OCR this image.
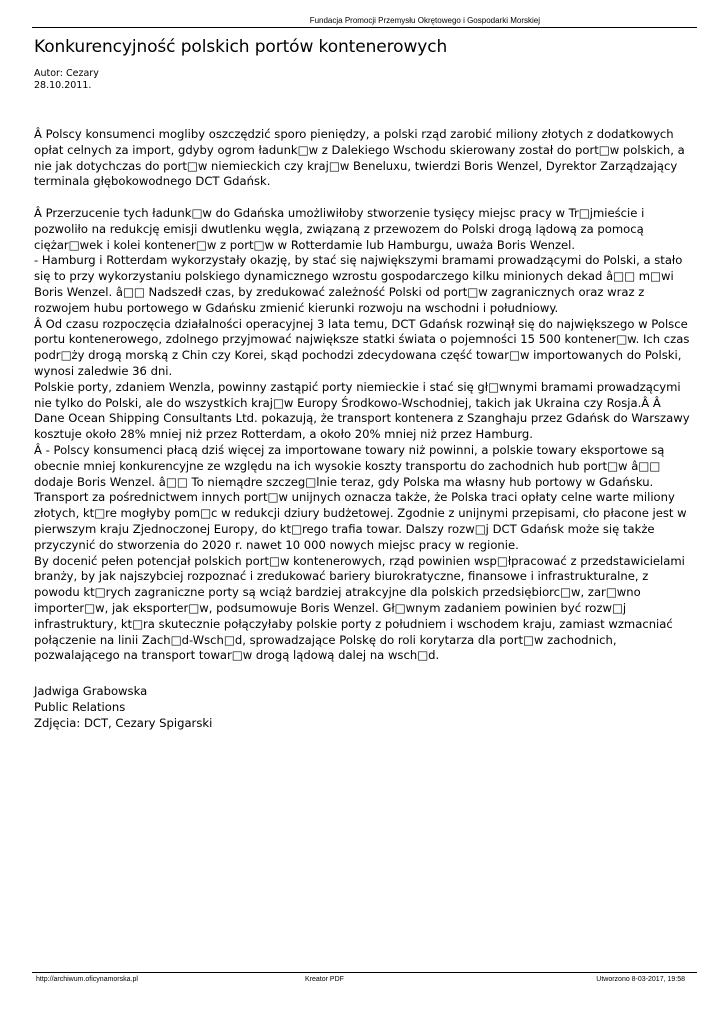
Fundacja Promocji Przemysłu Okrętowego i Gospodarki Morskiej
Konkurencyjność polskich portów kontenerowych
Autor: Cezary
28.10.2011.

Â Polscy konsumenci mogliby oszczędzić sporo pieniędzy, a polski rząd zarobić miliony złotych z dodatkowych opłat celnych za import, gdyby ogrom ładunk□w z Dalekiego Wschodu skierowany został do port□w polskich, a nie jak dotychczas do port□w niemieckich czy kraj□w Beneluxu, twierdzi Boris Wenzel, Dyrektor Zarządzający terminala głębokowodnego DCT Gdańsk.

Â Przerzucenie tych ładunk□w do Gdańska umożliwiłoby stworzenie tysięcy miejsc pracy w Tr□jmieście i pozwoliło na redukcję emisji dwutlenku węgla, związaną z przewozem do Polski drogą lądową za pomocą ciężar□wek i kolei kontener□w z port□w w Rotterdamie lub Hamburgu, uważa Boris Wenzel.

- Hamburg i Rotterdam wykorzystały okazję, by stać się największymi bramami prowadzącymi do Polski, a stało się to przy wykorzystaniu polskiego dynamicznego wzrostu gospodarczego kilku minionych dekad â□□ m□wi Boris Wenzel. â□□ Nadszedł czas, by zredukować zależność Polski od port□w zagranicznych oraz wraz z rozwojem hubu portowego w Gdańsku zmienić kierunki rozwoju na wschodni i południowy.

Â Od czasu rozpoczęcia działalności operacyjnej 3 lata temu, DCT Gdańsk rozwinął się do największego w Polsce portu kontenerowego, zdolnego przyjmować największe statki świata o pojemności 15 500 kontener□w. Ich czas podr□ży drogą morską z Chin czy Korei, skąd pochodzi zdecydowana część towar□w importowanych do Polski, wynosi zaledwie 36 dni.

Polskie porty, zdaniem Wenzla, powinny zastąpić porty niemieckie i stać się gł□wnymi bramami prowadzącymi nie tylko do Polski, ale do wszystkich kraj□w Europy Środkowo-Wschodniej, takich jak Ukraina czy Rosja.Â Â Dane Ocean Shipping Consultants Ltd. pokazują, że transport kontenera z Szanghaju przez Gdańsk do Warszawy kosztuje około 28% mniej niż przez Rotterdam, a około 20% mniej niż przez Hamburg.

Â - Polscy konsumenci płacą dziś więcej za importowane towary niż powinni, a polskie towary eksportowe są obecnie mniej konkurencyjne ze względu na ich wysokie koszty transportu do zachodnich hub port□w â□□ dodaje Boris Wenzel. â□□ To niemądre szczeg□lnie teraz, gdy Polska ma własny hub portowy w Gdańsku.

Transport za pośrednictwem innych port□w unijnych oznacza także, że Polska traci opłaty celne warte miliony złotych, kt□re mogłyby pom□c w redukcji dziury budżetowej. Zgodnie z unijnymi przepisami, cło płacone jest w pierwszym kraju Zjednoczonej Europy, do kt□rego trafia towar. Dalszy rozw□j DCT Gdańsk może się także przyczynić do stworzenia do 2020 r. nawet 10 000 nowych miejsc pracy w regionie.

By docenić pełen potencjał polskich port□w kontenerowych, rząd powinien wsp□łpracować z przedstawicielami branży, by jak najszybciej rozpoznać i zredukować bariery biurokratyczne, finansowe i infrastrukturalne, z powodu kt□rych zagraniczne porty są wciąż bardziej atrakcyjne dla polskich przedsiębiorc□w, zar□wno importer□w, jak eksporter□w, podsumowuje Boris Wenzel. Gł□wnym zadaniem powinien być rozw□j infrastruktury, kt□ra skutecznie połączyłaby polskie porty z południem i wschodem kraju, zamiast wzmacniać połączenie na linii Zach□d-Wsch□d, sprowadzające Polskę do roli korytarza dla port□w zachodnich, pozwalającego na transport towar□w drogą lądową dalej na wsch□d.

Jadwiga Grabowska
Public Relations
Zdjęcia: DCT, Cezary Spigarski
http://archiwum.oficynamorska.pl	Kreator PDF	Utworzono 8-03-2017, 19:58
